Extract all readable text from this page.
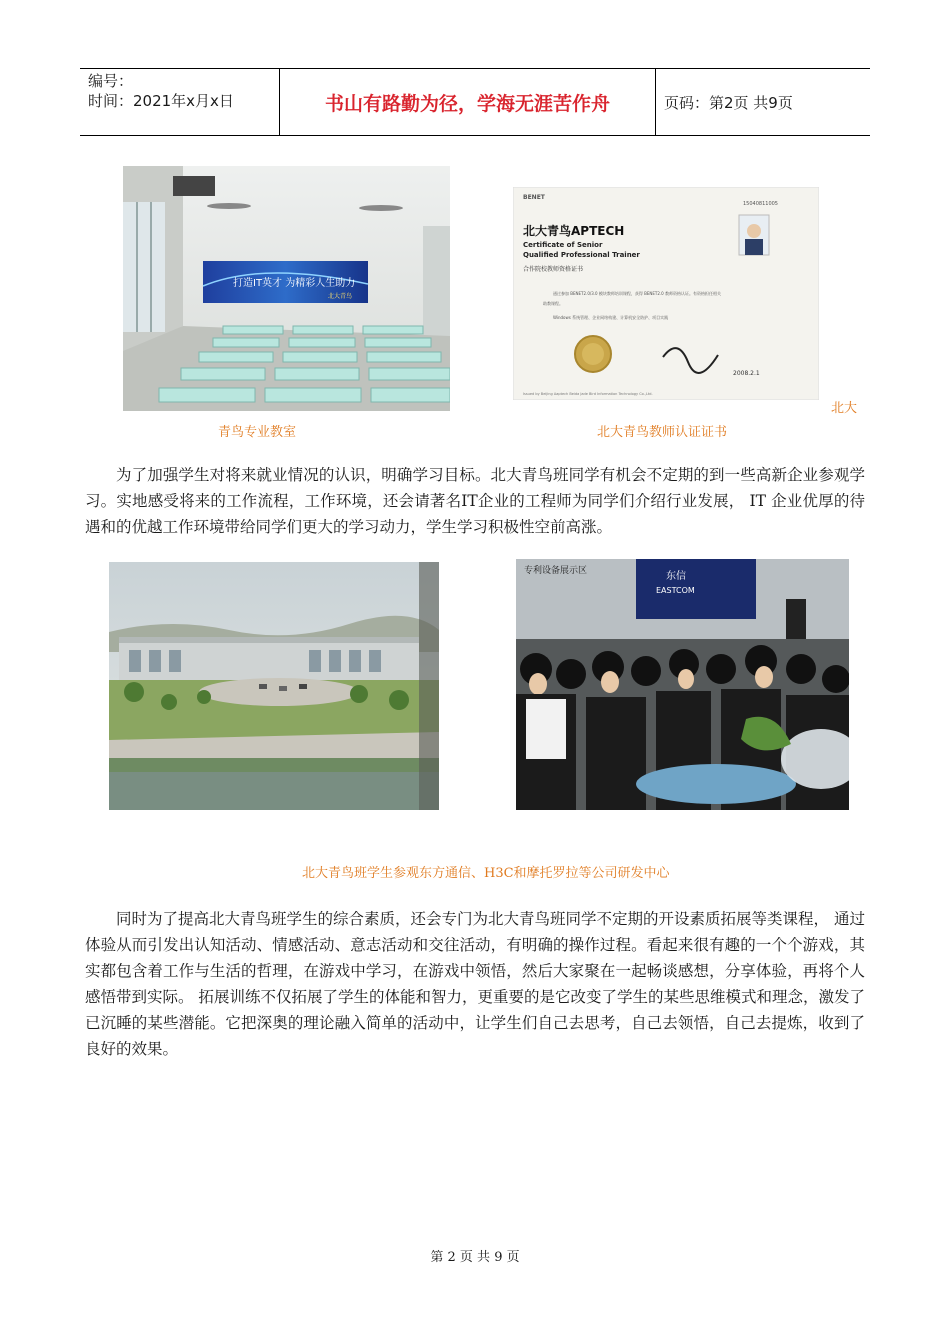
编号：
时间：2021年x月x日	书山有路勤为径，学海无涯苦作舟	页码：第2页 共9页
打造IT英才 为精彩人生助力
北大青鸟
BENET
15040811005
北大青鸟APTECH
Certificate of Senior
Qualified Professional Trainer
合作院校教师资格证书
通过参加 BENET2.0/3.0 模块教师培训课程，获得 BENET2.0 教师资格认证。有资格担任相关
助教课程。
Windows 系统管理、企业网络构建、计算机安全防护、项目实践
2008.2.1
Issued by Beijing Aaptech Beida Jade Bird Information Technology Co.,Ltd.
北大
青鸟专业教室	北大青鸟教师认证证书

为了加强学生对将来就业情况的认识，明确学习目标。北大青鸟班同学有机会不定期的到一些高新企业参观学习。实地感受将来的工作流程，工作环境，还会请著名IT企业的工程师为同学们介绍行业发展， IT 企业优厚的待遇和的优越工作环境带给同学们更大的学习动力，学生学习积极性空前高涨。

专利设备展示区	东信
EASTCOM
北大青鸟班学生参观东方通信、H3C和摩托罗拉等公司研发中心

同时为了提高北大青鸟班学生的综合素质，还会专门为北大青鸟班同学不定期的开设素质拓展等类课程， 通过体验从而引发出认知活动、情感活动、意志活动和交往活动，有明确的操作过程。看起来很有趣的一个个游戏，其实都包含着工作与生活的哲理，在游戏中学习，在游戏中领悟，然后大家聚在一起畅谈感想，分享体验，再将个人感悟带到实际。 拓展训练不仅拓展了学生的体能和智力，更重要的是它改变了学生的某些思维模式和理念，激发了已沉睡的某些潜能。它把深奥的理论融入简单的活动中，让学生们自己去思考，自己去领悟，自己去提炼，收到了良好的效果。

第 2 页 共 9 页
